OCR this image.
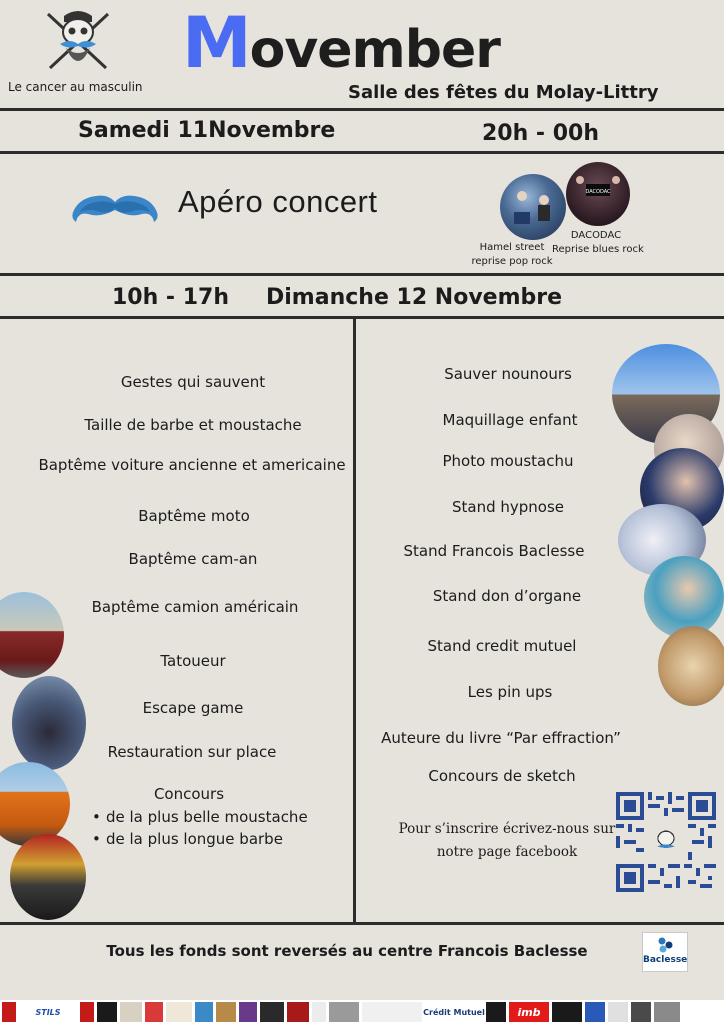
Movember
Le cancer au masculin	Salle des fêtes du Molay-Littry
Samedi 11Novembre	20h - 00h
Apéro concert	DACODAC
Hamel street
reprise pop rock
DACODAC
Reprise blues rock
10h - 17h Dimanche 12 Novembre
Gestes qui sauvent
Taille de barbe et moustache
Baptême voiture ancienne et americaine
Baptême moto
Baptême cam-an
Baptême camion américain
Tatoueur
Escape game
Restauration sur place
Concours
• de la plus belle moustache
• de la plus longue barbe
Sauver nounours
Maquillage enfant
Photo moustachu
Stand hypnose
Stand Francois Baclesse
Stand don d’organe
Stand credit mutuel
Les pin ups
Auteure du livre “Par effraction”
Concours de sketch
Pour s’inscrire écrivez-nous sur
notre page facebook
Tous les fonds sont reversés au centre Francois Baclesse	Baclesse
STILS	Crédit Mutuel	imb
